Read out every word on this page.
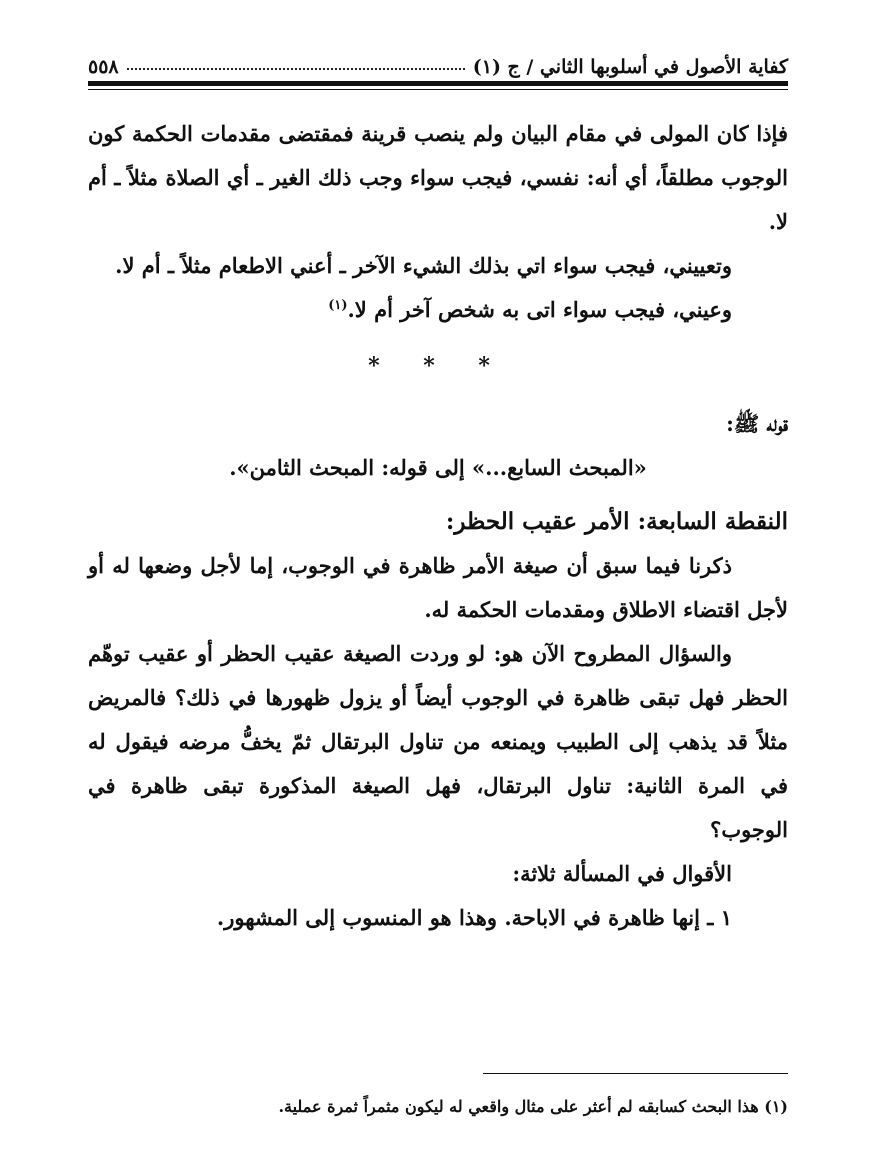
كفاية الأصول في أسلوبها الثاني / ج (١)
٥٥٨

فإذا كان المولى في مقام البيان ولم ينصب قرينة فمقتضى مقدمات الحكمة كون الوجوب مطلقاً، أي أنه: نفسي، فيجب سواء وجب ذلك الغير ـ أي الصلاة مثلاً ـ أم لا.

وتعييني، فيجب سواء اتي بذلك الشيء الآخر ـ أعني الاطعام مثلاً ـ أم لا.

وعيني، فيجب سواء اتى به شخص آخر أم لا.$^{(١)}$

* * *

قوله ﷺ:

«المبحث السابع...» إلى قوله: المبحث الثامن».

النقطة السابعة: الأمر عقيب الحظر:

ذكرنا فيما سبق أن صيغة الأمر ظاهرة في الوجوب، إما لأجل وضعها له أو لأجل اقتضاء الاطلاق ومقدمات الحكمة له.

والسؤال المطروح الآن هو: لو وردت الصيغة عقيب الحظر أو عقيب توهّم الحظر فهل تبقى ظاهرة في الوجوب أيضاً أو يزول ظهورها في ذلك؟ فالمريض مثلاً قد يذهب إلى الطبيب ويمنعه من تناول البرتقال ثمّ يخفُّ مرضه فيقول له في المرة الثانية: تناول البرتقال، فهل الصيغة المذكورة تبقى ظاهرة في الوجوب؟

الأقوال في المسألة ثلاثة:

١ ـ إنها ظاهرة في الاباحة. وهذا هو المنسوب إلى المشهور.

(١) هذا البحث كسابقه لم أعثر على مثال واقعي له ليكون مثمراً ثمرة عملية.
